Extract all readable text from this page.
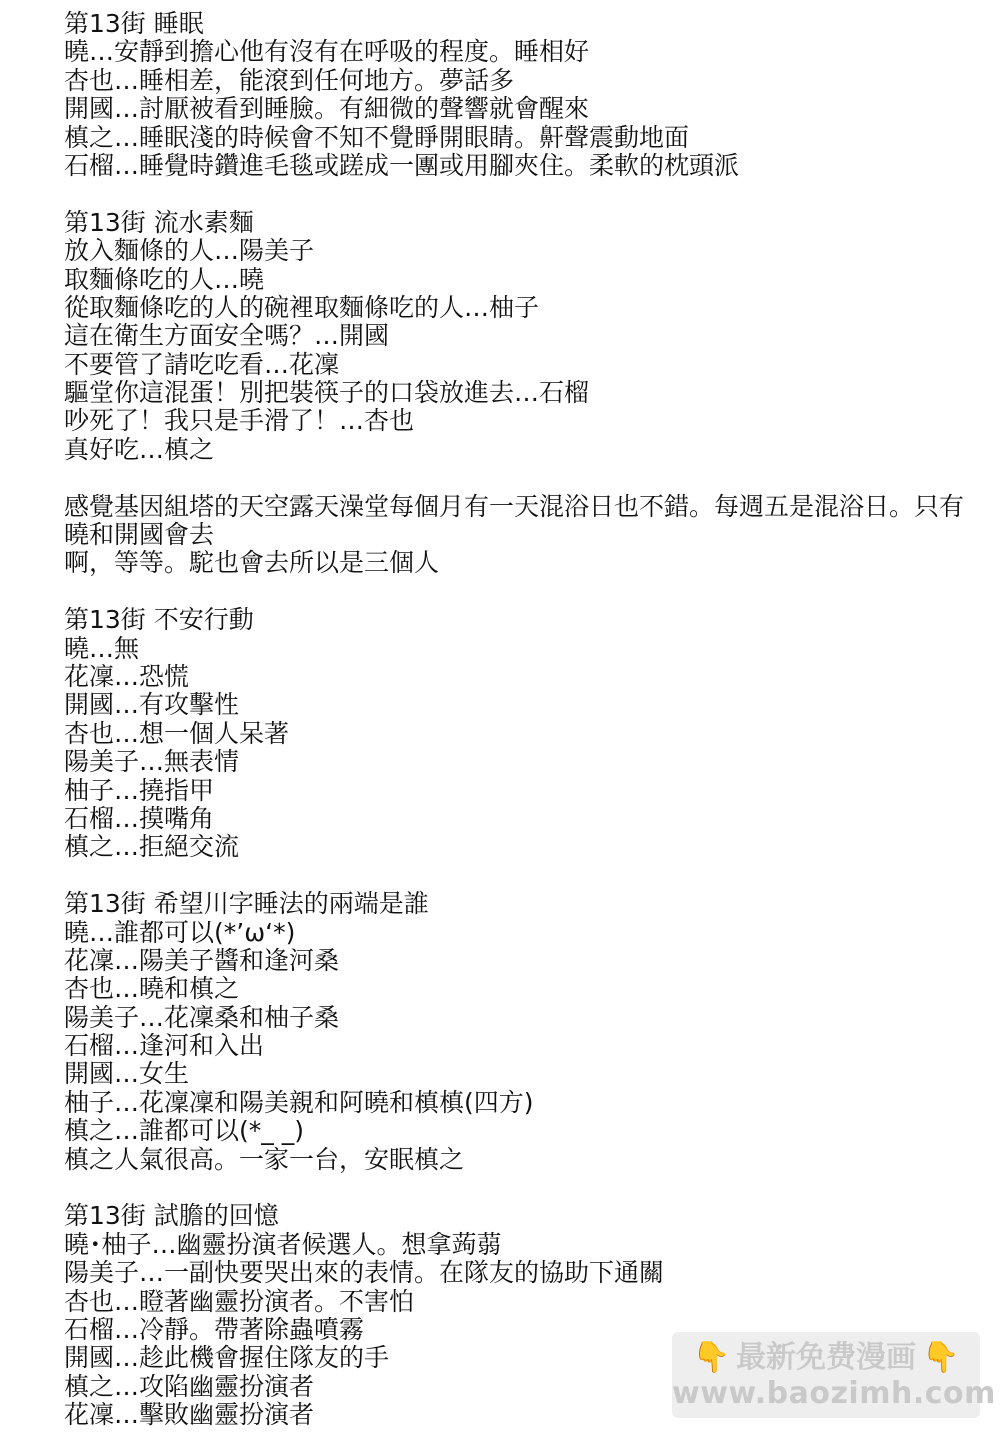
第13街 睡眠
曉…安靜到擔心他有沒有在呼吸的程度。睡相好
杏也…睡相差，能滾到任何地方。夢話多
開國…討厭被看到睡臉。有細微的聲響就會醒來
槙之…睡眠淺的時候會不知不覺睜開眼睛。鼾聲震動地面
石榴…睡覺時鑽進毛毯或蹉成一團或用腳夾住。柔軟的枕頭派
第13街 流水素麵
放入麵條的人…陽美子
取麵條吃的人…曉
從取麵條吃的人的碗裡取麵條吃的人…柚子
這在衛生方面安全嗎？…開國
不要管了請吃吃看…花凜
驅堂你這混蛋！別把裝筷子的口袋放進去…石榴
吵死了！我只是手滑了！…杏也
真好吃…槙之
感覺基因組塔的天空露天澡堂每個月有一天混浴日也不錯。每週五是混浴日。只有曉和開國會去
啊，等等。駝也會去所以是三個人
第13街 不安行動
曉…無
花凜…恐慌
開國…有攻擊性
杏也…想一個人呆著
陽美子…無表情
柚子…撓指甲
石榴…摸嘴角
槙之…拒絕交流
第13街 希望川字睡法的兩端是誰
曉…誰都可以(*’ω‘*)
花凜…陽美子醬和逢河桑
杏也…曉和槙之
陽美子…花凜桑和柚子桑
石榴…逢河和入出
開國…女生
柚子…花凜凜和陽美親和阿曉和槙槙(四方)
槙之…誰都可以(*_ _)
槙之人氣很高。一家一台，安眠槙之
第13街 試膽的回憶
曉･柚子…幽靈扮演者候選人。想拿蒟蒻
陽美子…一副快要哭出來的表情。在隊友的協助下通關
杏也…瞪著幽靈扮演者。不害怕
石榴…冷靜。帶著除蟲噴霧
開國…趁此機會握住隊友的手
槙之…攻陷幽靈扮演者
花凜…擊敗幽靈扮演者
👇 最新免费漫画 👇
www.baozimh.com
